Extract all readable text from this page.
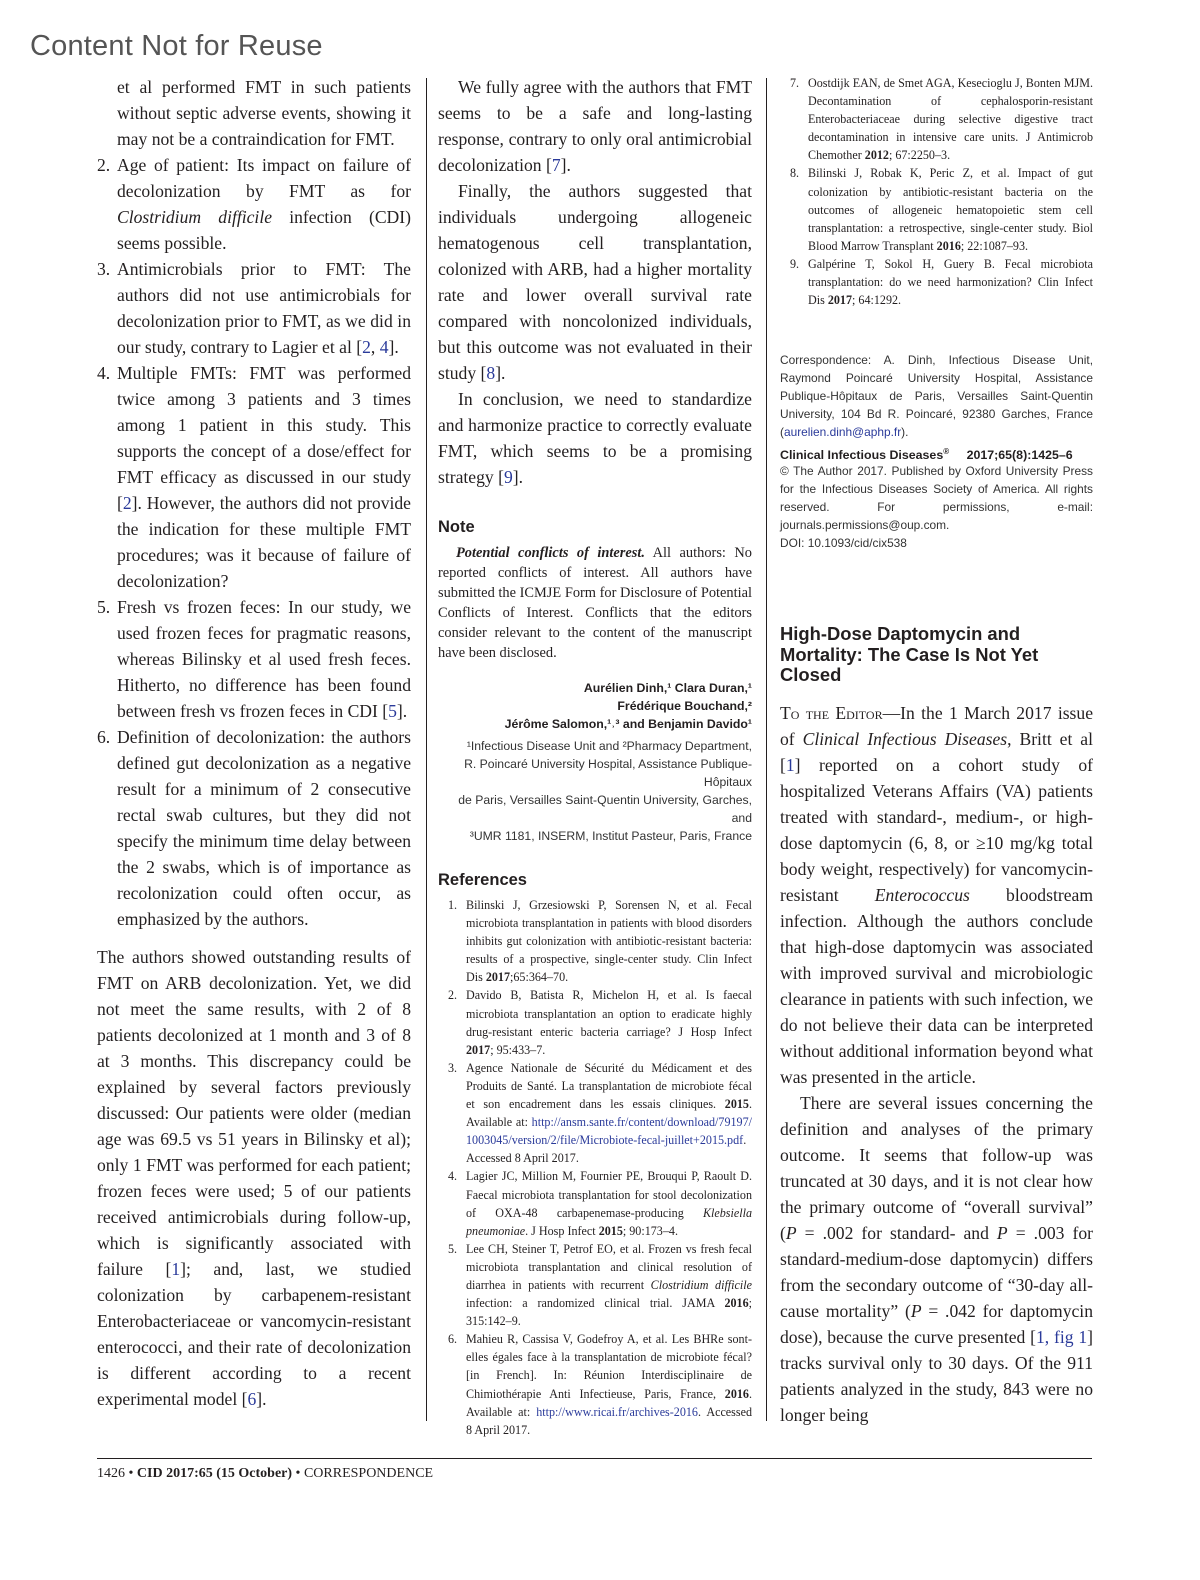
Content Not for Reuse

et al performed FMT in such patients without septic adverse events, showing it may not be a contraindication for FMT.

2. Age of patient: Its impact on failure of decolonization by FMT as for Clostridium difficile infection (CDI) seems possible.
3. Antimicrobials prior to FMT: The authors did not use antimicrobials for decolonization prior to FMT, as we did in our study, contrary to Lagier et al [2, 4].
4. Multiple FMTs: FMT was performed twice among 3 patients and 3 times among 1 patient in this study. This supports the concept of a dose/effect for FMT efficacy as discussed in our study [2]. However, the authors did not provide the indication for these multiple FMT procedures; was it because of failure of decolonization?
5. Fresh vs frozen feces: In our study, we used frozen feces for pragmatic reasons, whereas Bilinsky et al used fresh feces. Hitherto, no difference has been found between fresh vs frozen feces in CDI [5].
6. Definition of decolonization: the authors defined gut decolonization as a negative result for a minimum of 2 consecutive rectal swab cultures, but they did not specify the minimum time delay between the 2 swabs, which is of importance as recolonization could often occur, as emphasized by the authors.

The authors showed outstanding results of FMT on ARB decolonization. Yet, we did not meet the same results, with 2 of 8 patients decolonized at 1 month and 3 of 8 at 3 months. This discrepancy could be explained by several factors previously discussed: Our patients were older (median age was 69.5 vs 51 years in Bilinsky et al); only 1 FMT was performed for each patient; frozen feces were used; 5 of our patients received antimicrobials during follow-up, which is significantly associated with failure [1]; and, last, we studied colonization by carbapenem-resistant Enterobacteriaceae or vancomycin-resistant enterococci, and their rate of decolonization is different according to a recent experimental model [6].

We fully agree with the authors that FMT seems to be a safe and long-lasting response, contrary to only oral antimicrobial decolonization [7].

Finally, the authors suggested that individuals undergoing allogeneic hematogenous cell transplantation, colonized with ARB, had a higher mortality rate and lower overall survival rate compared with noncolonized individuals, but this outcome was not evaluated in their study [8].

In conclusion, we need to standardize and harmonize practice to correctly evaluate FMT, which seems to be a promising strategy [9].

Note

Potential conflicts of interest. All authors: No reported conflicts of interest. All authors have submitted the ICMJE Form for Disclosure of Potential Conflicts of Interest. Conflicts that the editors consider relevant to the content of the manuscript have been disclosed.

Aurélien Dinh,¹ Clara Duran,¹
Frédérique Bouchand,²
Jérôme Salomon,¹˒³ and Benjamin Davido¹
¹Infectious Disease Unit and ²Pharmacy Department,
R. Poincaré University Hospital, Assistance Publique-Hôpitaux
de Paris, Versailles Saint-Quentin University, Garches, and
³UMR 1181, INSERM, Institut Pasteur, Paris, France
References
1. Bilinski J, Grzesiowski P, Sorensen N, et al. Fecal microbiota transplantation in patients with blood disorders inhibits gut colonization with antibiotic-resistant bacteria: results of a prospective, single-center study. Clin Infect Dis 2017;65:364–70.
2. Davido B, Batista R, Michelon H, et al. Is faecal microbiota transplantation an option to eradicate highly drug-resistant enteric bacteria carriage? J Hosp Infect 2017; 95:433–7.
3. Agence Nationale de Sécurité du Médicament et des Produits de Santé. La transplantation de microbiote fécal et son encadrement dans les essais cliniques. 2015. Available at: http://ansm.sante.fr/content/download/79197/1003045/version/2/file/Microbiote-fecal-juillet+2015.pdf. Accessed 8 April 2017.
4. Lagier JC, Million M, Fournier PE, Brouqui P, Raoult D. Faecal microbiota transplantation for stool decolonization of OXA-48 carbapenemase-producing Klebsiella pneumoniae. J Hosp Infect 2015; 90:173–4.
5. Lee CH, Steiner T, Petrof EO, et al. Frozen vs fresh fecal microbiota transplantation and clinical resolution of diarrhea in patients with recurrent Clostridium difficile infection: a randomized clinical trial. JAMA 2016; 315:142–9.
6. Mahieu R, Cassisa V, Godefroy A, et al. Les BHRe sont-elles égales face à la transplantation de microbiote fécal?[in French]. In: Réunion Interdisciplinaire de Chimiothérapie Anti Infectieuse, Paris, France, 2016. Available at: http://www.ricai.fr/archives-2016. Accessed 8 April 2017.
7. Oostdijk EAN, de Smet AGA, Kesecioglu J, Bonten MJM. Decontamination of cephalosporin-resistant Enterobacteriaceae during selective digestive tract decontamination in intensive care units. J Antimicrob Chemother 2012; 67:2250–3.
8. Bilinski J, Robak K, Peric Z, et al. Impact of gut colonization by antibiotic-resistant bacteria on the outcomes of allogeneic hematopoietic stem cell transplantation: a retrospective, single-center study. Biol Blood Marrow Transplant 2016; 22:1087–93.
9. Galpérine T, Sokol H, Guery B. Fecal microbiota transplantation: do we need harmonization? Clin Infect Dis 2017; 64:1292.
Correspondence: A. Dinh, Infectious Disease Unit, Raymond Poincaré University Hospital, Assistance Publique-Hôpitaux de Paris, Versailles Saint-Quentin University, 104 Bd R. Poincaré, 92380 Garches, France (aurelien.dinh@aphp.fr).
Clinical Infectious Diseases® 2017;65(8):1425–6
© The Author 2017. Published by Oxford University Press for the Infectious Diseases Society of America. All rights reserved. For permissions, e-mail: journals.permissions@oup.com.
DOI: 10.1093/cid/cix538
High-Dose Daptomycin and Mortality: The Case Is Not Yet Closed

To the Editor—In the 1 March 2017 issue of Clinical Infectious Diseases, Britt et al [1] reported on a cohort study of hospitalized Veterans Affairs (VA) patients treated with standard-, medium-, or high-dose daptomycin (6, 8, or ≥10 mg/kg total body weight, respectively) for vancomycin-resistant Enterococcus bloodstream infection. Although the authors conclude that high-dose daptomycin was associated with improved survival and microbiologic clearance in patients with such infection, we do not believe their data can be interpreted without additional information beyond what was presented in the article.

There are several issues concerning the definition and analyses of the primary outcome. It seems that follow-up was truncated at 30 days, and it is not clear how the primary outcome of “overall survival” (P = .002 for standard- and P = .003 for standard-medium-dose daptomycin) differs from the secondary outcome of “30-day all-cause mortality” (P = .042 for daptomycin dose), because the curve presented [1, fig 1] tracks survival only to 30 days. Of the 911 patients analyzed in the study, 843 were no longer being

1426 • CID 2017:65 (15 October) • CORRESPONDENCE
